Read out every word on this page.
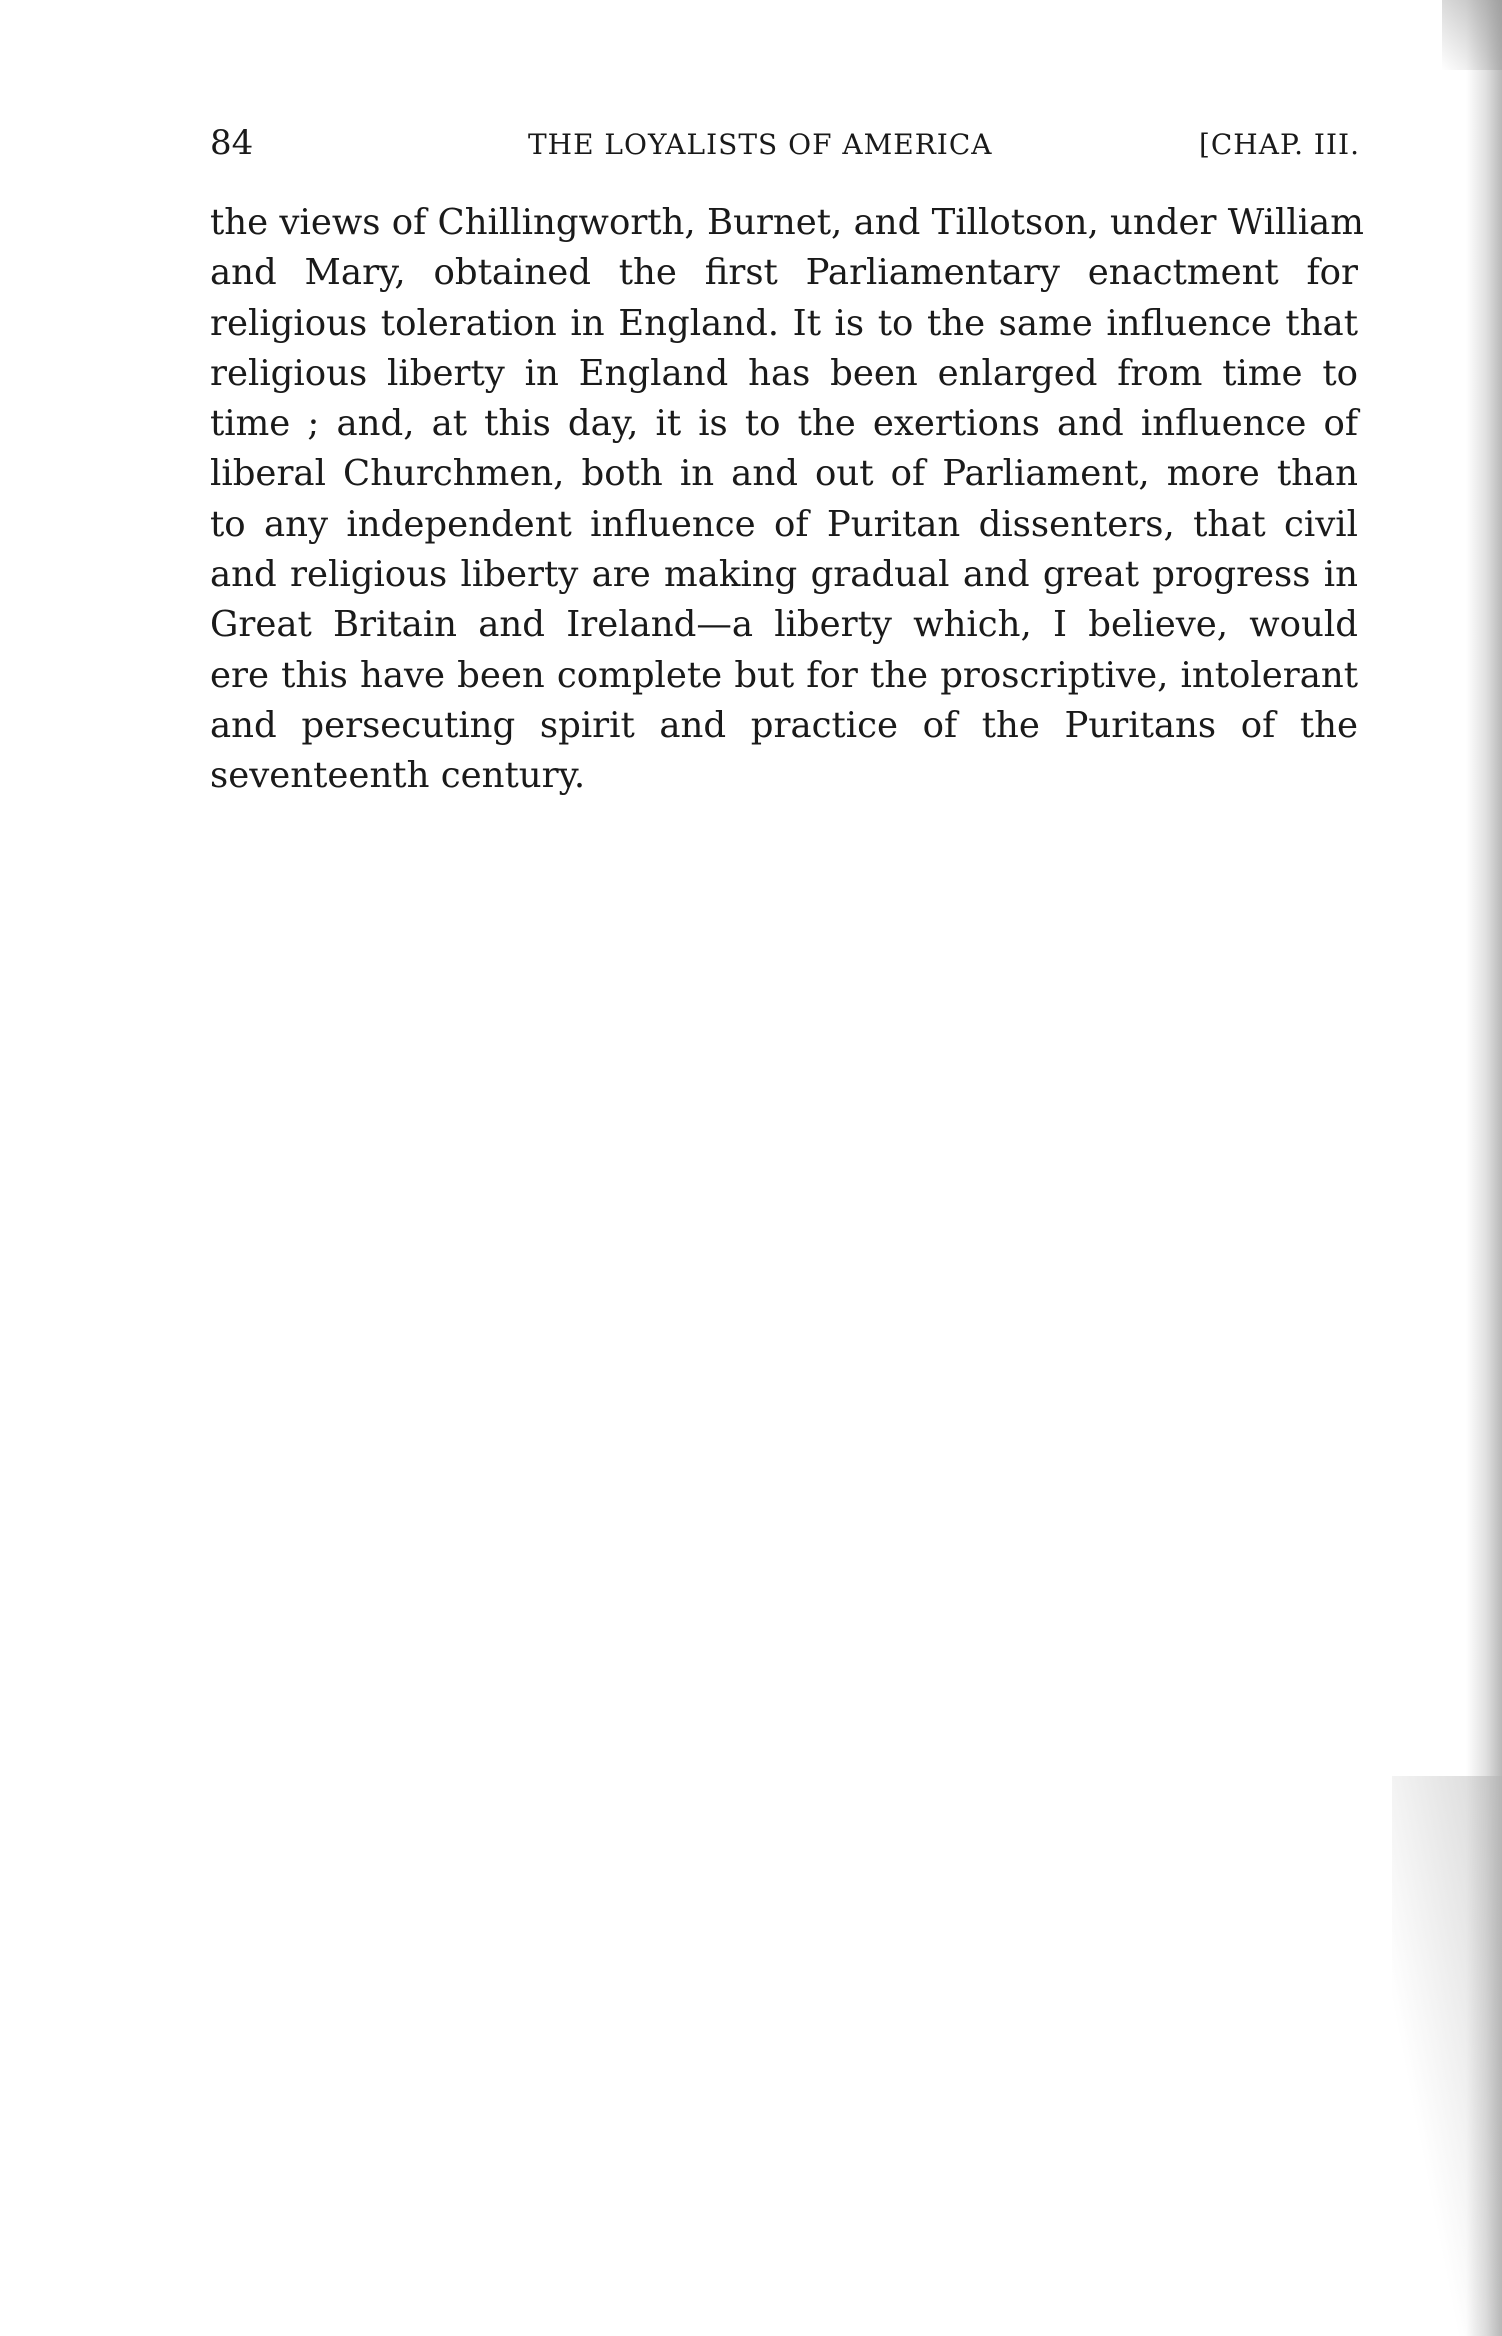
84	THE LOYALISTS OF AMERICA	[CHAP. III.
the views of Chillingworth, Burnet, and Tillotson, under William
and Mary, obtained the first Parliamentary enactment for
religious toleration in England. It is to the same influence that
religious liberty in England has been enlarged from time to
time ; and, at this day, it is to the exertions and influence of
liberal Churchmen, both in and out of Parliament, more than
to any independent influence of Puritan dissenters, that civil
and religious liberty are making gradual and great progress in
Great Britain and Ireland—a liberty which, I believe, would
ere this have been complete but for the proscriptive, intolerant
and persecuting spirit and practice of the Puritans of the
seventeenth century.
